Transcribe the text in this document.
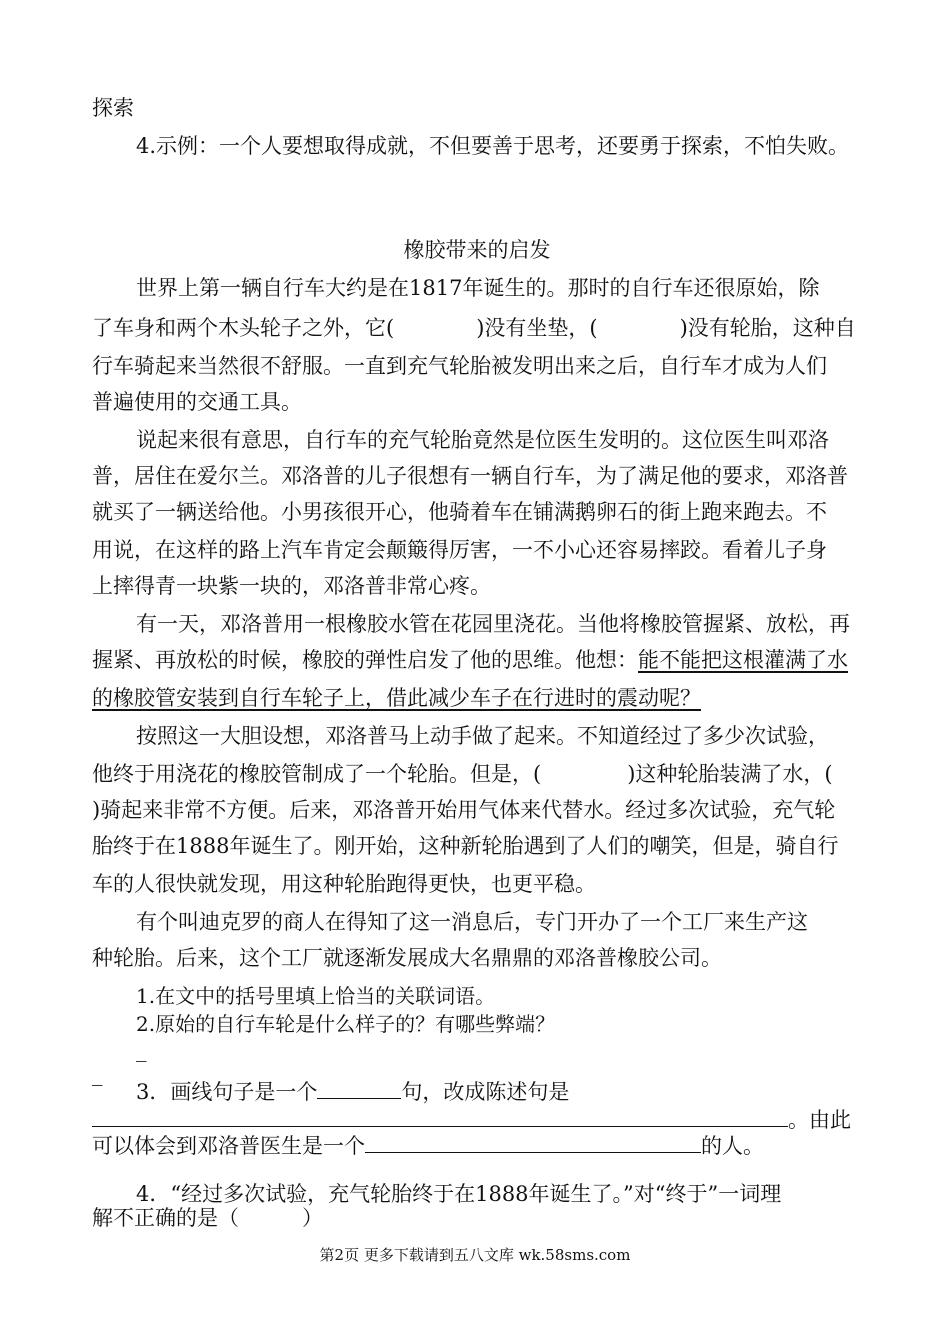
探索
4.示例：一个人要想取得成就，不但要善于思考，还要勇于探索，不怕失败。
橡胶带来的启发
世界上第一辆自行车大约是在1817年诞生的。那时的自行车还很原始，除
了车身和两个木头轮子之外，它(	)没有坐垫，(	)没有轮胎，这种自
行车骑起来当然很不舒服。一直到充气轮胎被发明出来之后，自行车才成为人们
普遍使用的交通工具。
说起来很有意思，自行车的充气轮胎竟然是位医生发明的。这位医生叫邓洛
普，居住在爱尔兰。邓洛普的儿子很想有一辆自行车，为了满足他的要求，邓洛普
就买了一辆送给他。小男孩很开心，他骑着车在铺满鹅卵石的街上跑来跑去。不
用说，在这样的路上汽车肯定会颠簸得厉害，一不小心还容易摔跤。看着儿子身
上摔得青一块紫一块的，邓洛普非常心疼。
有一天，邓洛普用一根橡胶水管在花园里浇花。当他将橡胶管握紧、放松，再
握紧、再放松的时候，橡胶的弹性启发了他的思维。他想：能不能把这根灌满了水
的橡胶管安装到自行车轮子上，借此减少车子在行进时的震动呢？
按照这一大胆设想，邓洛普马上动手做了起来。不知道经过了多少次试验，
他终于用浇花的橡胶管制成了一个轮胎。但是，(	)这种轮胎装满了水，(
)骑起来非常不方便。后来，邓洛普开始用气体来代替水。经过多次试验，充气轮
胎终于在1888年诞生了。刚开始，这种新轮胎遇到了人们的嘲笑，但是，骑自行
车的人很快就发现，用这种轮胎跑得更快，也更平稳。
有个叫迪克罗的商人在得知了这一消息后，专门开办了一个工厂来生产这
种轮胎。后来，这个工厂就逐渐发展成大名鼎鼎的邓洛普橡胶公司。
1.在文中的括号里填上恰当的关联词语。
2.原始的自行车轮是什么样子的？有哪些弊端？
_
_
3．画线句子是一个	句，改成陈述句是
。由此
可以体会到邓洛普医生是一个	的人。
4．“经过多次试验，充气轮胎终于在1888年诞生了。”对“终于”一词理
解不正确的是（　　　）
第2页 更多下载请到五八文库 wk.58sms.com
